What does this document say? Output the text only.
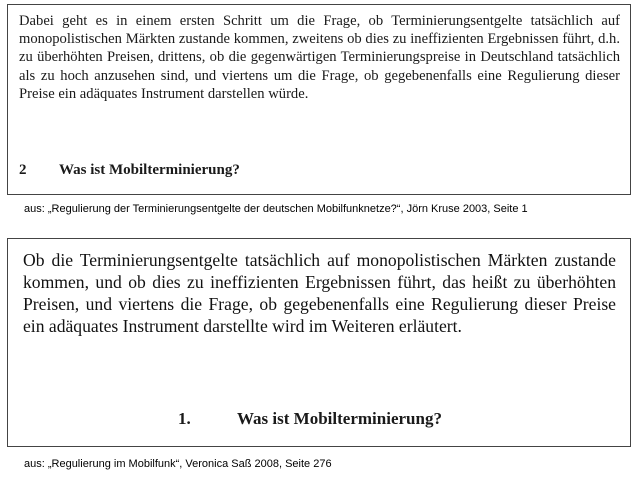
Dabei geht es in einem ersten Schritt um die Frage, ob Terminierungsentgelte tatsächlich auf monopolistischen Märkten zustande kommen, zweitens ob dies zu ineffizienten Ergebnissen führt, d.h. zu überhöhten Preisen, drittens, ob die gegenwärtigen Terminierungspreise in Deutschland tatsächlich als zu hoch anzusehen sind, und viertens um die Frage, ob gegebenenfalls eine Regulierung dieser Preise ein adäquates Instrument darstellen würde.

2 Was ist Mobilterminierung?
aus: „Regulierung der Terminierungsentgelte der deutschen Mobilfunknetze?“, Jörn Kruse 2003, Seite 1

Ob die Terminierungsentgelte tatsächlich auf monopolistischen Märkten zustande kommen, und ob dies zu ineffizienten Ergebnissen führt, das heißt zu überhöhten Preisen, und viertens die Frage, ob gegebenenfalls eine Regulierung dieser Preise ein adäquates Instrument darstellte wird im Weiteren erläutert.

1.	Was ist Mobilterminierung?
aus: „Regulierung im Mobilfunk“, Veronica Saß 2008, Seite 276
